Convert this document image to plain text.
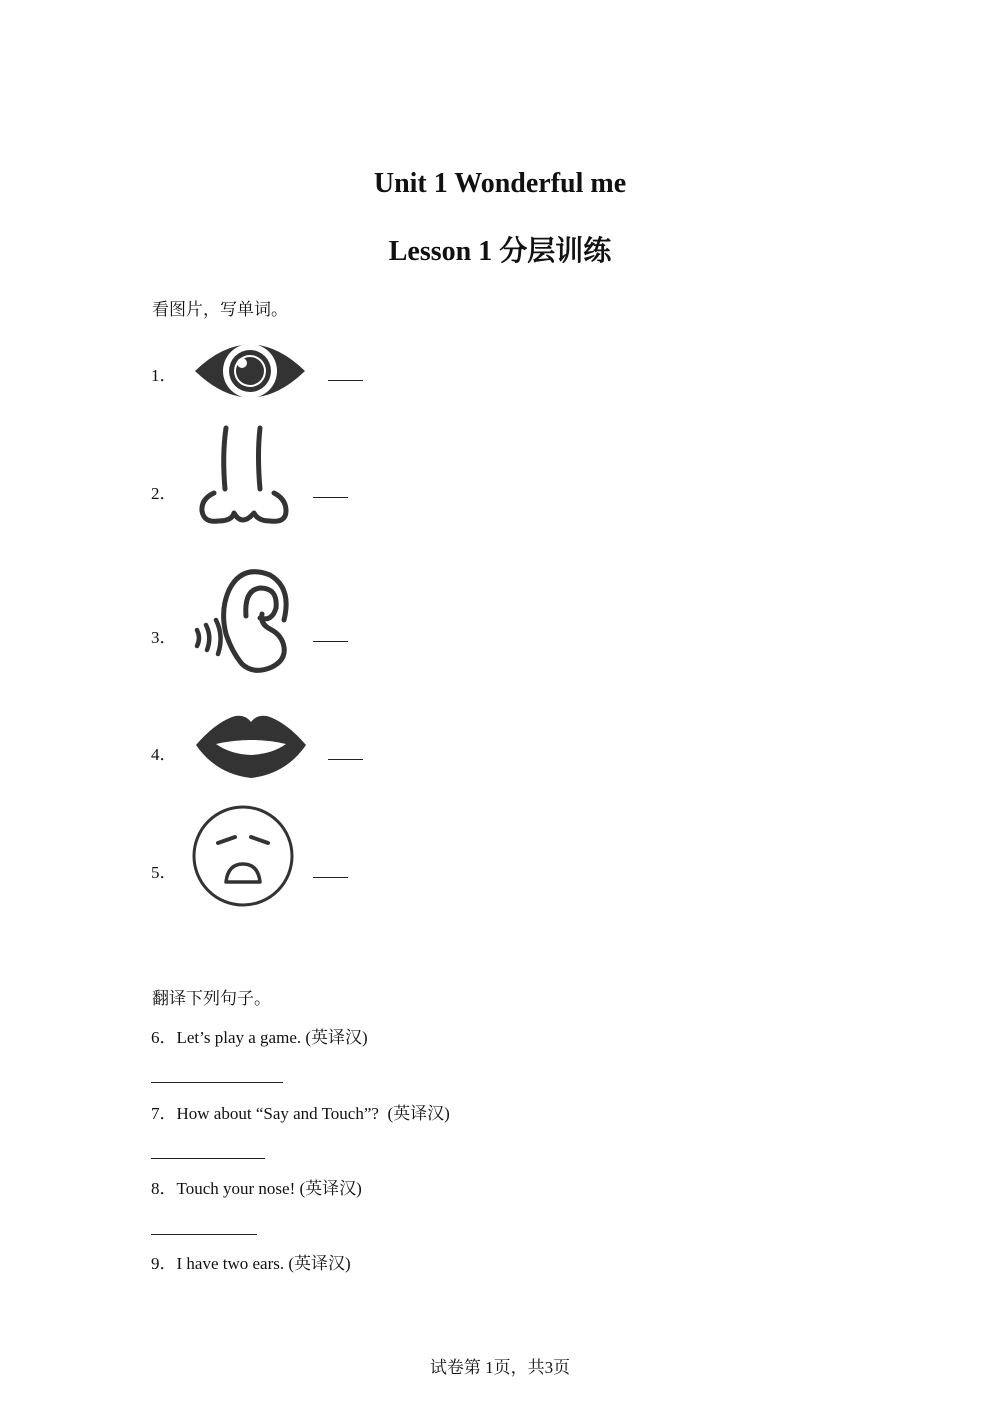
Unit 1 Wonderful me
Lesson 1 分层训练
看图片，写单词。
1．
2．
3．
4．
5．
翻译下列句子。
6．Let’s play a game. (英译汉)
7．How about “Say and Touch”?  (英译汉)
8．Touch your nose! (英译汉)
9．I have two ears. (英译汉)
试卷第 1页，共3页
